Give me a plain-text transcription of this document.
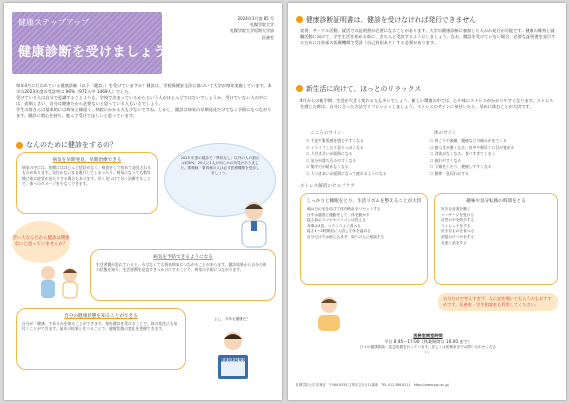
健康ステップアップ
健康診断を受けましょう！
2024年3月第 85 号
札幌学院大学
札幌学院大学短期大学部
医務室

毎年4月に行われている健康診断（以下「健診」）を受けていますか？健診は、学校保健安全法に基づいて大学が毎年実施しています。本学の2023年度の受診率は 96%（971人中 1469人）でした。

受けている人は自分で意識することよりも、学校で決まっているからという人がほとんどではないでしょうか。受けていない人の中には、面倒くさい、自分は健康だから必要ないと思っている人もいるでしょう。

学生の皆さんは基本的には病気と縁遠く、病院にかかる人も少ないですね。しかし、健診は病気の早期発見だけでなく予防にもつながります。健診に関心を持ち、進んで受けてほしいと思っています。

なんのために健診をするの？
病気を早期発見、早期治療できる
病気の中には、初期にはほとんど症状がなく、検査をして初めて発見されるものがあります。気付かないまま進行してしまったり、病気になっても数年後に体に症状が出たりする場合もあります。早く見つけて早く治療することで、体へのダメージを少なくできます。
2023 年度の健診で「異常なし」以外の人の割合は約8%。20人に1人が何らかの所見がありました。要精検・要再検の人は必ず医療機関を受診しましょう。
若い人なんだから健診は関係ないと思っていませんか？
病気を予防できるようになる
生活習慣が乱れていると、今はなくても将来病気につながることがあります。健診結果から自分の体の状態を知り、生活習慣を見直すきっかけにすることで、病気の予防につながります。
自分の健康状態を知ることができる
自分が「健康」であるかを知ることができます。毎年健診を受けることで、体の変化にも気付くことができます。前年の結果と比べることで、健康状態の変化を把握できます。
よし、今年も健康だ！
健康診断結果表
健康診断証明書は、健診を受けなければ発行できません
実習、サークル活動、就活での証明書が必要になることがあります。大学の健康診断に参加した人のみ発行が可能です。健康の維持と就職活動に向けて、学生生活を始める前に、きちんと受診するようにしましょう。なお、健診を受けていない場合、必要な証明書を発行するためには外部の医療機関で受診（自己負担あり）する必要があります。
新生活に向けて、ほっとのリラックス
4月からの新学期、生活が大きく変わる人も多いでしょう。新しい環境の中では、心や体にストレスがかかりやすくなります。ストレスを感じた時は、自分に合った方法でリフレッシュしましょう。ストレスのサインに気付いたら、早めに休むことが大切です。
こころのサイン
☐ 不安や緊張感を感じやすくなる
☐ イライラしたり怒りっぽくなる
☐ 人付き合いが面倒になる
☐ 気分が落ち込みやすくなる
☐ 集中力が続かなくなる
☐ 人づきあいが面倒になって疲れるようになる
体のサイン
☐ 肩こりや頭痛、腹痛などの痛みが出てくる
☐ 寝つきが悪くなる、夜中や朝早くに目が覚める
☐ 食欲がなくなる、食べすぎてしまう
☐ 疲れやすくなる
☐ 下痢をしたり、便秘しやすくなる
☐ 動悸・息切れがする
ストレス解消のセルフケア
しっかりと睡眠をとり、生活リズムを整えることが大切
朝は日の光を浴びて体内時計をリセットする
日中は適度に運動をして、体を動かす
寝る前のスマホやパソコンは控える
食事は3食、バランスよく食べる
寝る1〜2時間前に入浴して体を温める
自分だけでは抱え込まず、周りの人に相談する
趣味や気分転換の時間をとる
好きな音楽を聴く
マッサージを受ける
自然の中を散歩する
ストレッチをする
好きなものを食べる
部屋の片づけをする
友達と話をする
自分だけで考えすぎず、人に話を聞いてもらうのもおすすめです。医務室・学生相談室も利用してください。
医務室開室時間
平日 8:45〜17:00（休業期間は 16:00 まで）
日々の健康相談・応急処置を行っています。詳しくは医務室までお問い合わせください。
札幌学院大学 医務室　〒069-8555 江別市文京台11番地　TEL 011-386-8111　https://www.sgu.ac.jp/
